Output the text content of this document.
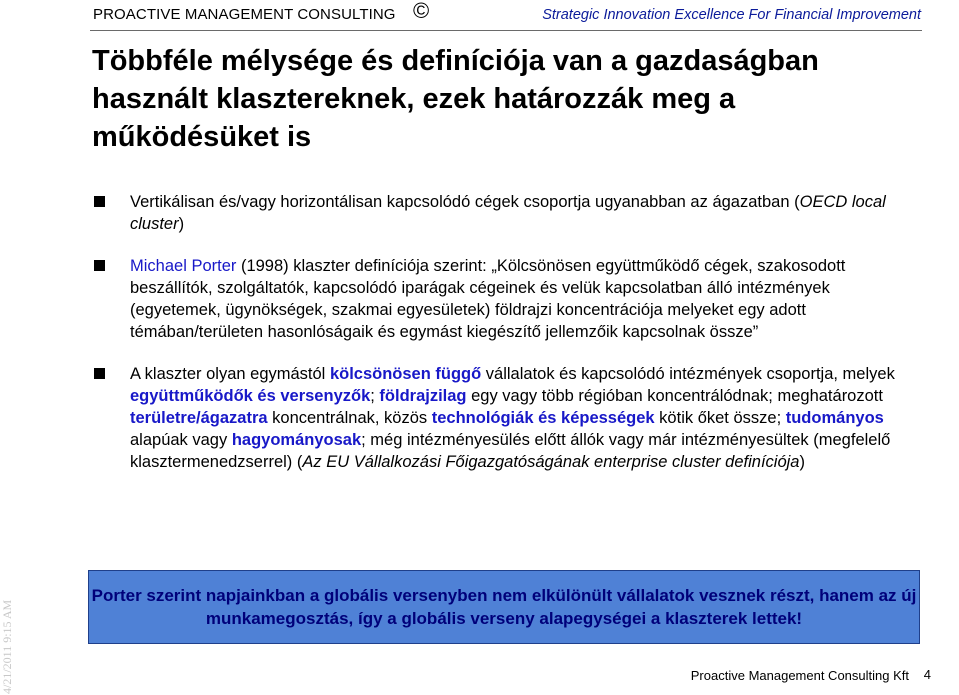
PROACTIVE MANAGEMENT CONSULTING ©	Strategic Innovation Excellence For Financial Improvement
Többféle mélysége és definíciója van a gazdaságban használt klasztereknek, ezek határozzák meg a működésüket is
Vertikálisan és/vagy horizontálisan kapcsolódó cégek csoportja ugyanabban az ágazatban (OECD local cluster)
Michael Porter (1998) klaszter definíciója szerint: „Kölcsönösen együttműködő cégek, szakosodott beszállítók, szolgáltatók, kapcsolódó iparágak cégeinek és velük kapcsolatban álló intézmények (egyetemek, ügynökségek, szakmai egyesületek) földrajzi koncentrációja melyeket egy adott témában/területen hasonlóságaik és egymást kiegészítő jellemzőik kapcsolnak össze”
A klaszter olyan egymástól kölcsönösen függő vállalatok és kapcsolódó intézmények csoportja, melyek együttműködők és versenyzők; földrajzilag egy vagy több régióban koncentrálódnak; meghatározott területre/ágazatra koncentrálnak, közös technológiák és képességek kötik őket össze; tudományos alapúak vagy hagyományosak; még intézményesülés előtt állók vagy már intézményesültek (megfelelő klasztermenedzserrel) (Az EU Vállalkozási Főigazgatóságának enterprise cluster definíciója)
Porter szerint napjainkban a globális versenyben nem elkülönült vállalatok vesznek részt, hanem az új munkamegosztás, így a globális verseny alapegységei a klaszterek lettek!
4/21/2011 9:15 AM	Proactive Management Consulting Kft 4
